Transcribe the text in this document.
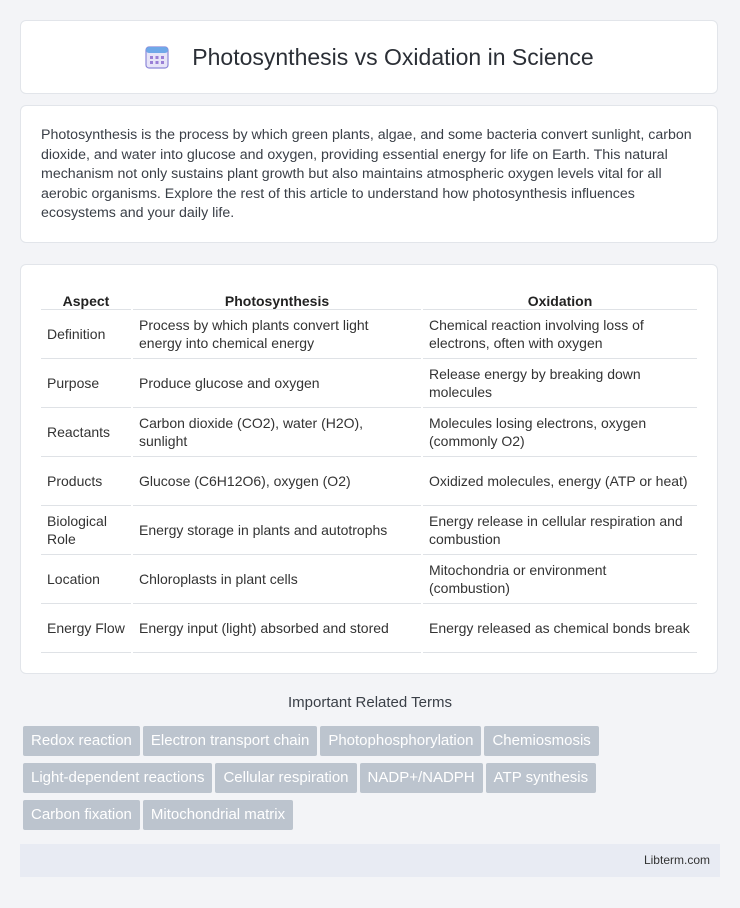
Photosynthesis vs Oxidation in Science

Photosynthesis is the process by which green plants, algae, and some bacteria convert sunlight, carbon dioxide, and water into glucose and oxygen, providing essential energy for life on Earth. This natural mechanism not only sustains plant growth but also maintains atmospheric oxygen levels vital for all aerobic organisms. Explore the rest of this article to understand how photosynthesis influences ecosystems and your daily life.

Aspect	Photosynthesis	Oxidation
Definition	Process by which plants convert light energy into chemical energy	Chemical reaction involving loss of electrons, often with oxygen
Purpose	Produce glucose and oxygen	Release energy by breaking down molecules
Reactants	Carbon dioxide (CO2), water (H2O), sunlight	Molecules losing electrons, oxygen (commonly O2)
Products	Glucose (C6H12O6), oxygen (O2)	Oxidized molecules, energy (ATP or heat)
Biological Role	Energy storage in plants and autotrophs	Energy release in cellular respiration and combustion
Location	Chloroplasts in plant cells	Mitochondria or environment (combustion)
Energy Flow	Energy input (light) absorbed and stored	Energy released as chemical bonds break
Important Related Terms
Redox reaction Electron transport chain Photophosphorylation Chemiosmosis
Light-dependent reactions Cellular respiration NADP+/NADPH ATP synthesis
Carbon fixation Mitochondrial matrix
Libterm.com
